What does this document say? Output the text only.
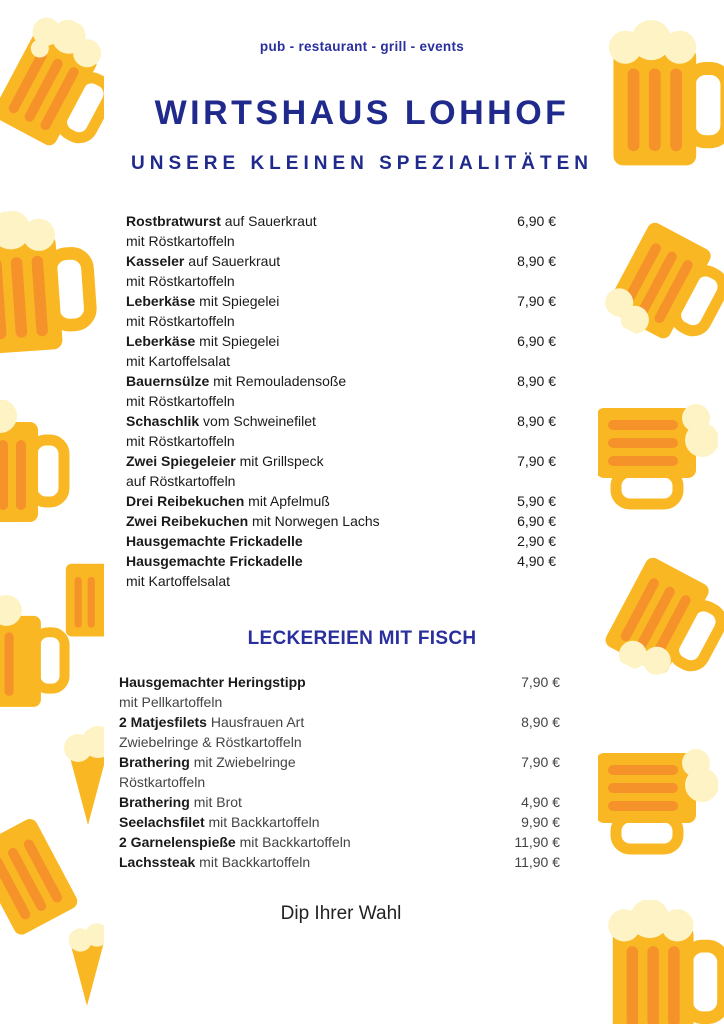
pub - restaurant - grill - events
WIRTSHAUS LOHHOF
UNSERE KLEINEN SPEZIALITÄTEN
Rostbratwurst auf Sauerkraut	6,90 €
mit Röstkartoffeln
Kasseler auf Sauerkraut	8,90 €
mit Röstkartoffeln
Leberkäse mit Spiegelei	7,90 €
mit Röstkartoffeln
Leberkäse mit Spiegelei	6,90 €
mit Kartoffelsalat
Bauernsülze mit Remouladensoße	8,90 €
mit Röstkartoffeln
Schaschlik vom Schweinefilet	8,90 €
mit Röstkartoffeln
Zwei Spiegeleier mit Grillspeck	7,90 €
auf Röstkartoffeln
Drei Reibekuchen mit Apfelmuß	5,90 €
Zwei Reibekuchen mit Norwegen Lachs	6,90 €
Hausgemachte Frickadelle	2,90 €
Hausgemachte Frickadelle	4,90 €
mit Kartoffelsalat
LECKEREIEN MIT FISCH
Hausgemachter Heringstipp	7,90 €
mit Pellkartoffeln
2 Matjesfilets Hausfrauen Art	8,90 €
Zwiebelringe & Röstkartoffeln
Brathering mit Zwiebelringe	7,90 €
Röstkartoffeln
Brathering mit Brot	4,90 €
Seelachsfilet mit Backkartoffeln	9,90 €
2 Garnelenspieße mit Backkartoffeln	11,90 €
Lachssteak mit Backkartoffeln	11,90 €
Dip Ihrer Wahl
